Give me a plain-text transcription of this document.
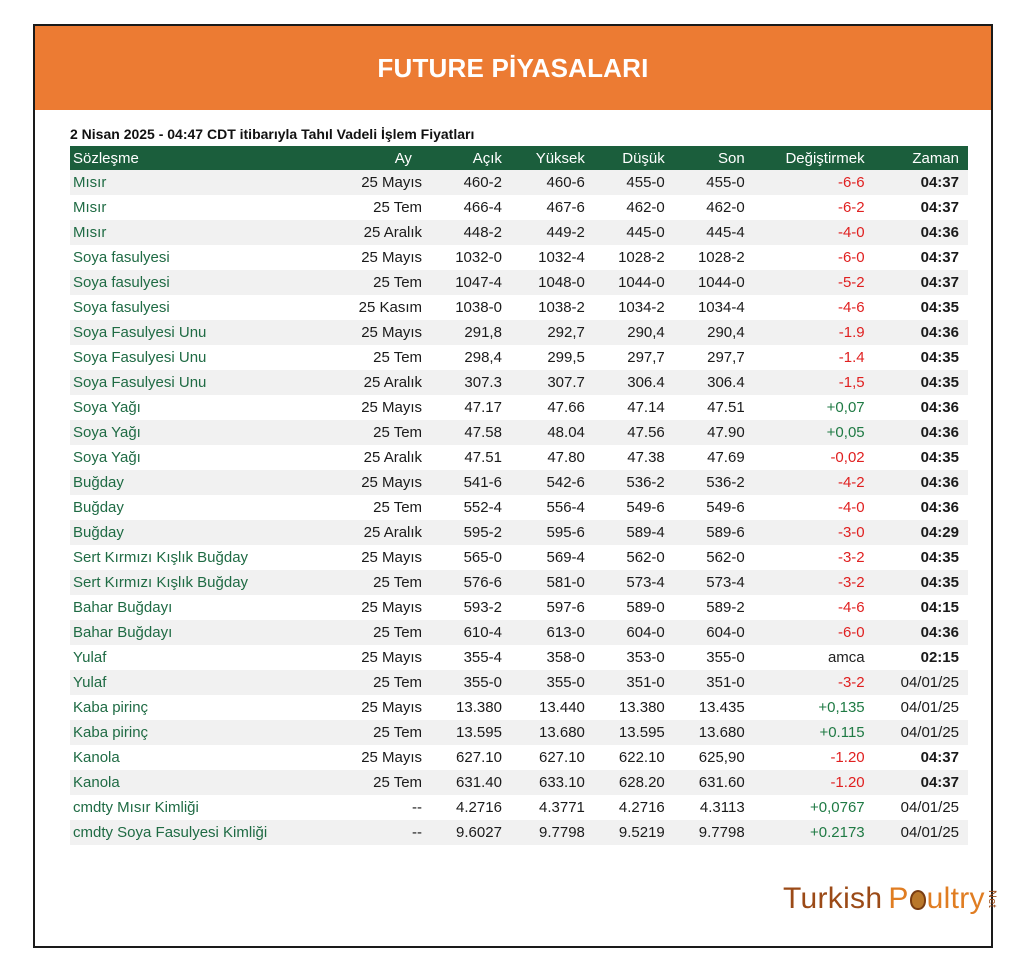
FUTURE PİYASALARI
2 Nisan 2025 - 04:47 CDT itibarıyla Tahıl Vadeli İşlem Fiyatları
Sözleşme	Ay	Açık	Yüksek	Düşük	Son	Değiştirmek	Zaman
Mısır	25 Mayıs	460-2	460-6	455-0	455-0	-6-6	04:37
Mısır	25 Tem	466-4	467-6	462-0	462-0	-6-2	04:37
Mısır	25 Aralık	448-2	449-2	445-0	445-4	-4-0	04:36
Soya fasulyesi	25 Mayıs	1032-0	1032-4	1028-2	1028-2	-6-0	04:37
Soya fasulyesi	25 Tem	1047-4	1048-0	1044-0	1044-0	-5-2	04:37
Soya fasulyesi	25 Kasım	1038-0	1038-2	1034-2	1034-4	-4-6	04:35
Soya Fasulyesi Unu	25 Mayıs	291,8	292,7	290,4	290,4	-1.9	04:36
Soya Fasulyesi Unu	25 Tem	298,4	299,5	297,7	297,7	-1.4	04:35
Soya Fasulyesi Unu	25 Aralık	307.3	307.7	306.4	306.4	-1,5	04:35
Soya Yağı	25 Mayıs	47.17	47.66	47.14	47.51	+0,07	04:36
Soya Yağı	25 Tem	47.58	48.04	47.56	47.90	+0,05	04:36
Soya Yağı	25 Aralık	47.51	47.80	47.38	47.69	-0,02	04:35
Buğday	25 Mayıs	541-6	542-6	536-2	536-2	-4-2	04:36
Buğday	25 Tem	552-4	556-4	549-6	549-6	-4-0	04:36
Buğday	25 Aralık	595-2	595-6	589-4	589-6	-3-0	04:29
Sert Kırmızı Kışlık Buğday	25 Mayıs	565-0	569-4	562-0	562-0	-3-2	04:35
Sert Kırmızı Kışlık Buğday	25 Tem	576-6	581-0	573-4	573-4	-3-2	04:35
Bahar Buğdayı	25 Mayıs	593-2	597-6	589-0	589-2	-4-6	04:15
Bahar Buğdayı	25 Tem	610-4	613-0	604-0	604-0	-6-0	04:36
Yulaf	25 Mayıs	355-4	358-0	353-0	355-0	amca	02:15
Yulaf	25 Tem	355-0	355-0	351-0	351-0	-3-2	04/01/25
Kaba pirinç	25 Mayıs	13.380	13.440	13.380	13.435	+0,135	04/01/25
Kaba pirinç	25 Tem	13.595	13.680	13.595	13.680	+0.115	04/01/25
Kanola	25 Mayıs	627.10	627.10	622.10	625,90	-1.20	04:37
Kanola	25 Tem	631.40	633.10	628.20	631.60	-1.20	04:37
cmdty Mısır Kimliği	--	4.2716	4.3771	4.2716	4.3113	+0,0767	04/01/25
cmdty Soya Fasulyesi Kimliği	--	9.6027	9.7798	9.5219	9.7798	+0.2173	04/01/25
Turkish P ultry Net
